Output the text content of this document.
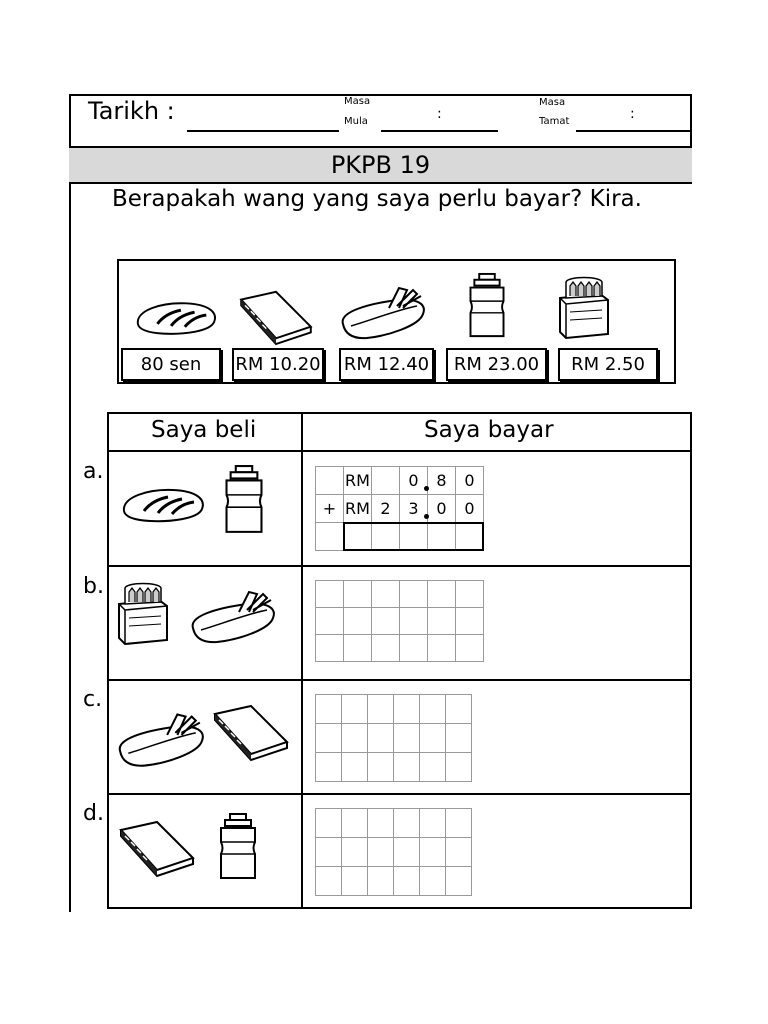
Tarikh :	Masa
Mula	:
Masa
Tamat	:
PKPB 19
Berapakah wang yang saya perlu bayar? Kira.
80 sen	RM 10.20 RM 12.40	RM 23.00	RM 2.50
Saya beli	Saya bayar
a.
b.
c.
d.
	RM		0	8	0
+	RM	2	3	0	0
